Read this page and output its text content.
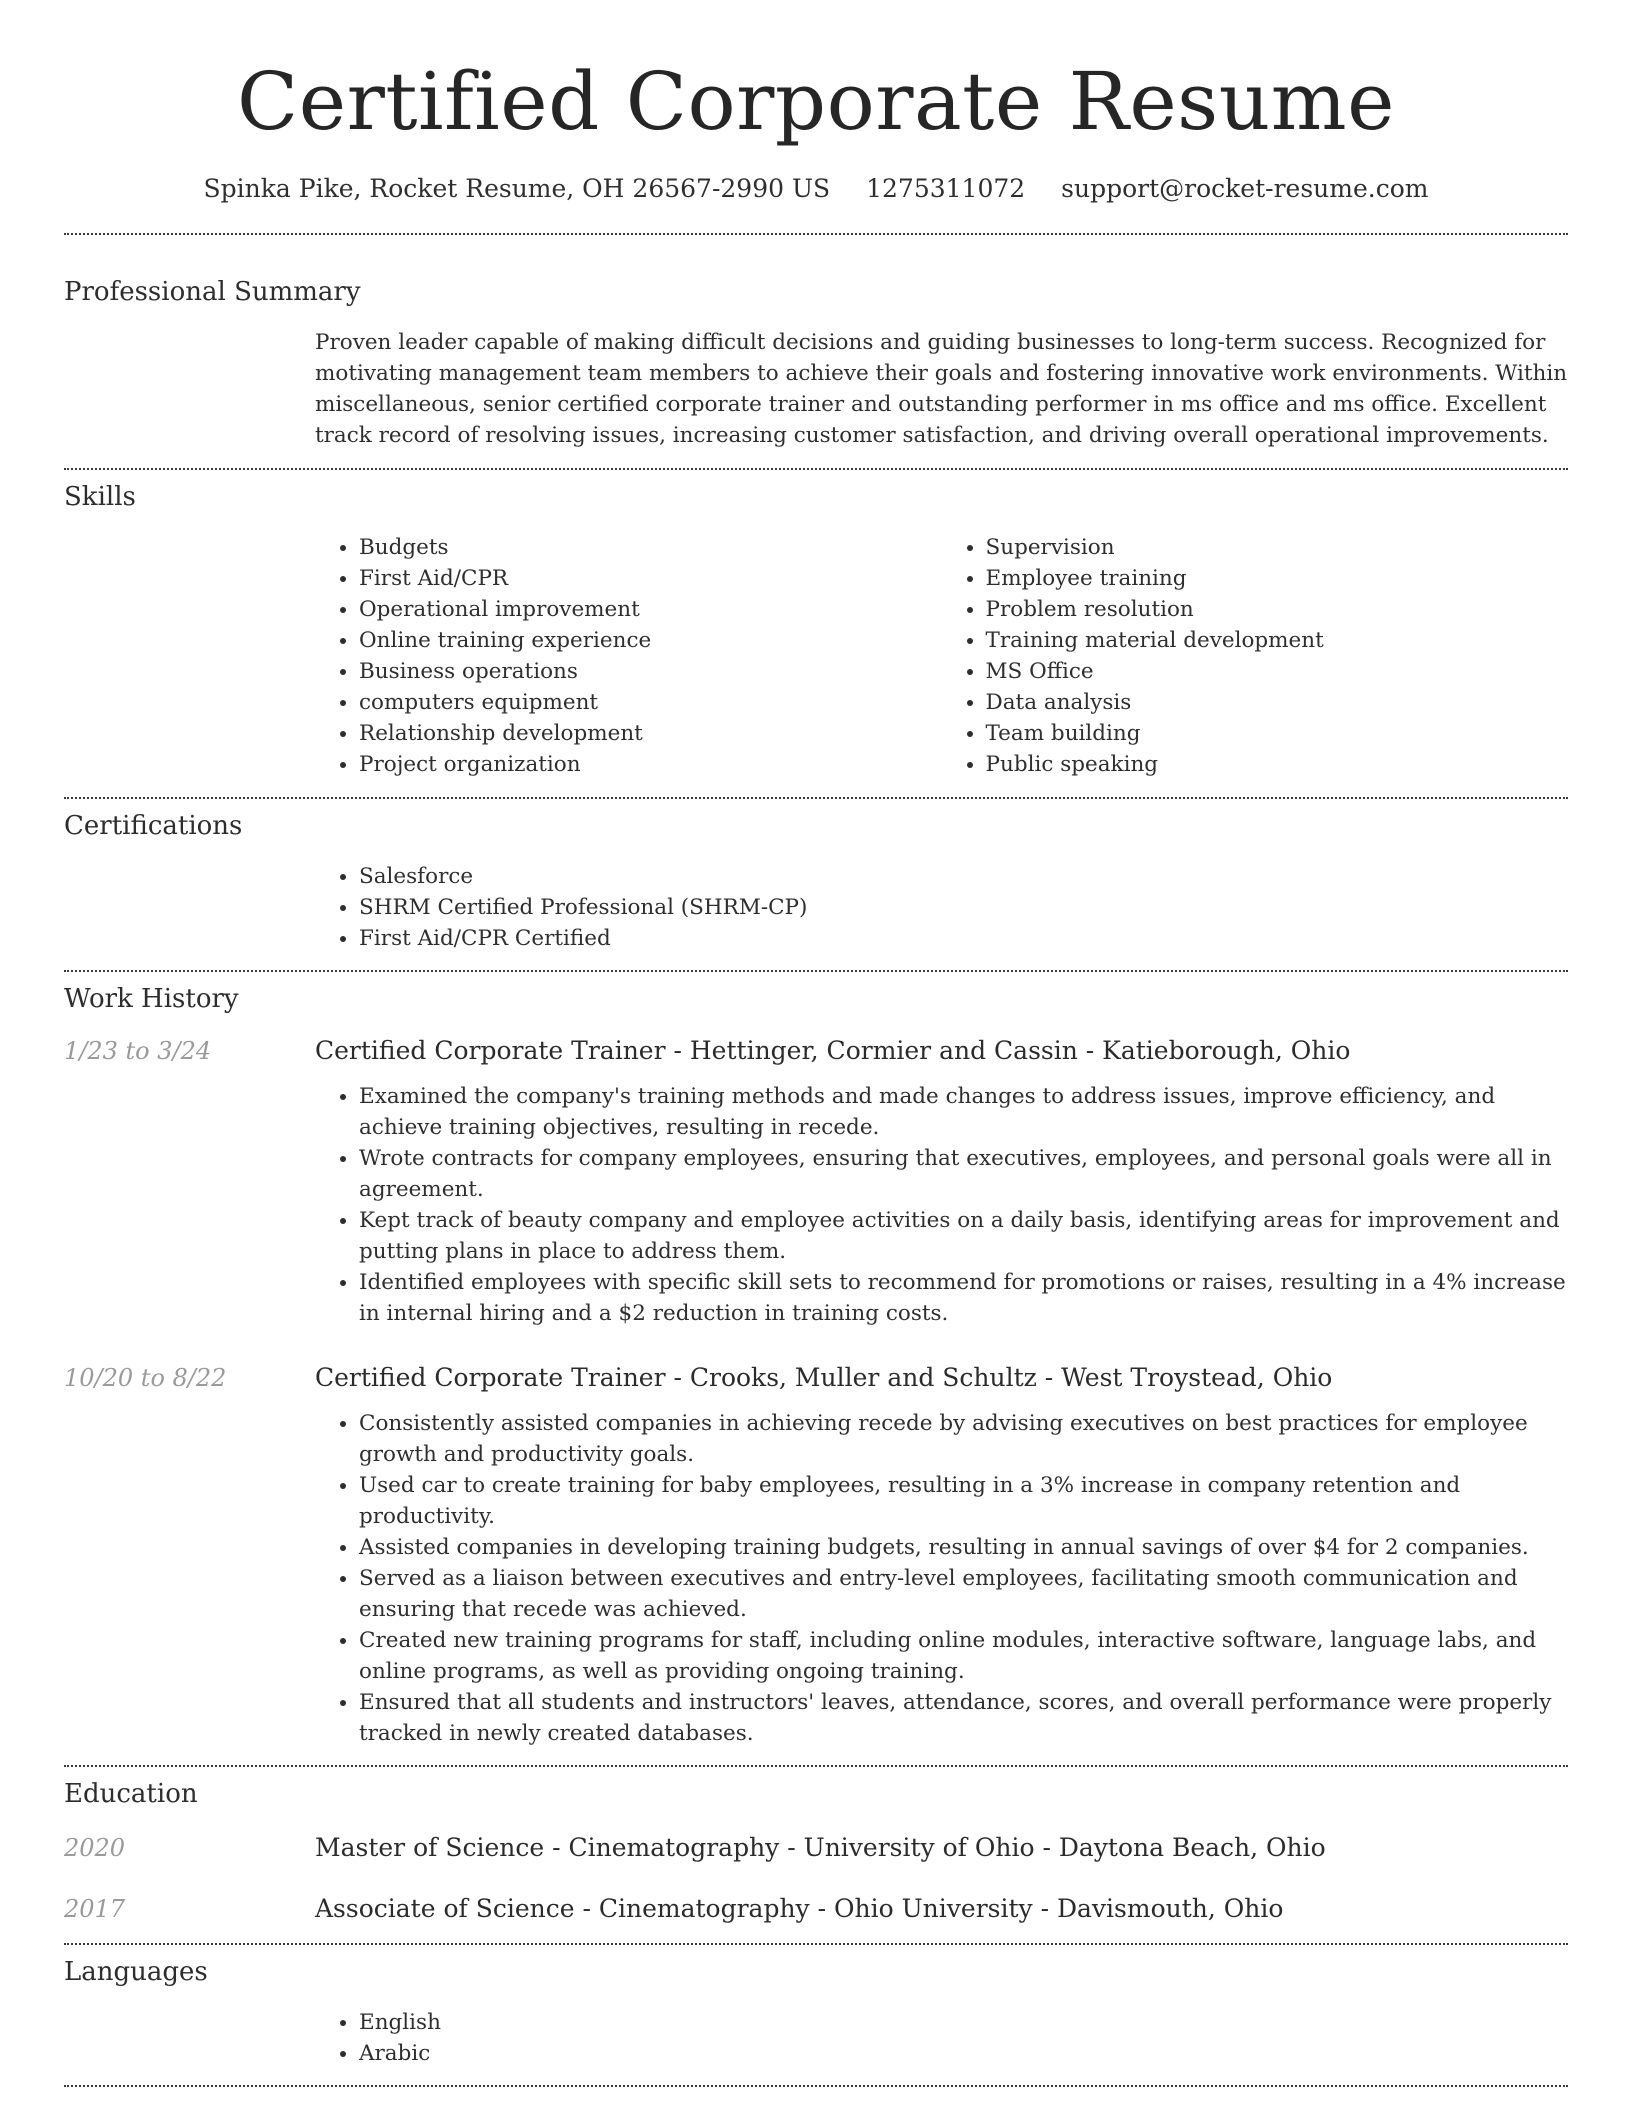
Certified Corporate Resume
Spinka Pike, Rocket Resume, OH 26567-2990 US 1275311072 support@rocket-resume.com
Professional Summary
Proven leader capable of making difficult decisions and guiding businesses to long-term success. Recognized for motivating management team members to achieve their goals and fostering innovative work environments. Within miscellaneous, senior certified corporate trainer and outstanding performer in ms office and ms office. Excellent track record of resolving issues, increasing customer satisfaction, and driving overall operational improvements.
Skills
• Budgets
• First Aid/CPR
• Operational improvement
• Online training experience
• Business operations
• computers equipment
• Relationship development
• Project organization
• Supervision
• Employee training
• Problem resolution
• Training material development
• MS Office
• Data analysis
• Team building
• Public speaking
Certifications
• Salesforce
• SHRM Certified Professional (SHRM-CP)
• First Aid/CPR Certified
Work History
1/23 to 3/24	Certified Corporate Trainer - Hettinger, Cormier and Cassin - Katieborough, Ohio
• Examined the company's training methods and made changes to address issues, improve efficiency, and achieve training objectives, resulting in recede.
• Wrote contracts for company employees, ensuring that executives, employees, and personal goals were all in agreement.
• Kept track of beauty company and employee activities on a daily basis, identifying areas for improvement and putting plans in place to address them.
• Identified employees with specific skill sets to recommend for promotions or raises, resulting in a 4% increase in internal hiring and a $2 reduction in training costs.
10/20 to 8/22	Certified Corporate Trainer - Crooks, Muller and Schultz - West Troystead, Ohio
• Consistently assisted companies in achieving recede by advising executives on best practices for employee growth and productivity goals.
• Used car to create training for baby employees, resulting in a 3% increase in company retention and productivity.
• Assisted companies in developing training budgets, resulting in annual savings of over $4 for 2 companies.
• Served as a liaison between executives and entry-level employees, facilitating smooth communication and ensuring that recede was achieved.
• Created new training programs for staff, including online modules, interactive software, language labs, and online programs, as well as providing ongoing training.
• Ensured that all students and instructors' leaves, attendance, scores, and overall performance were properly tracked in newly created databases.
Education
2020	Master of Science - Cinematography - University of Ohio - Daytona Beach, Ohio
2017	Associate of Science - Cinematography - Ohio University - Davismouth, Ohio
Languages
• English
• Arabic
